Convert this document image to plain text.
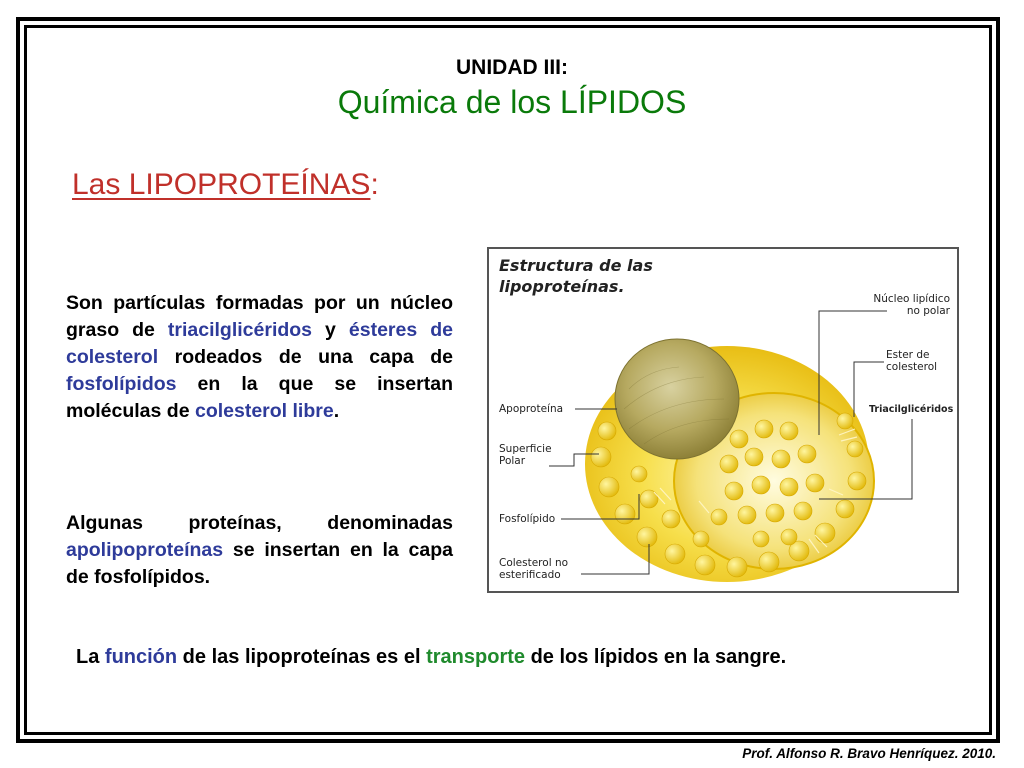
UNIDAD III:
Química de los LÍPIDOS
Las LIPOPROTEÍNAS:
Son partículas formadas por un núcleo graso de triacilglicéridos y ésteres de colesterol rodeados de una capa de fosfolípidos en la que se insertan moléculas de colesterol libre.
Algunas proteínas, denominadas apolipoproteínas se insertan en la capa de fosfolípidos.
Estructura de las
lipoproteínas.
Núcleo lipídico
no polar
Ester de
colesterol
Triacilglicéridos
Apoproteína
Superficie
Polar
Fosfolípido
Colesterol no
esterificado
La función de las lipoproteínas es el transporte de los lípidos en la sangre.
Prof. Alfonso R. Bravo Henríquez. 2010.
